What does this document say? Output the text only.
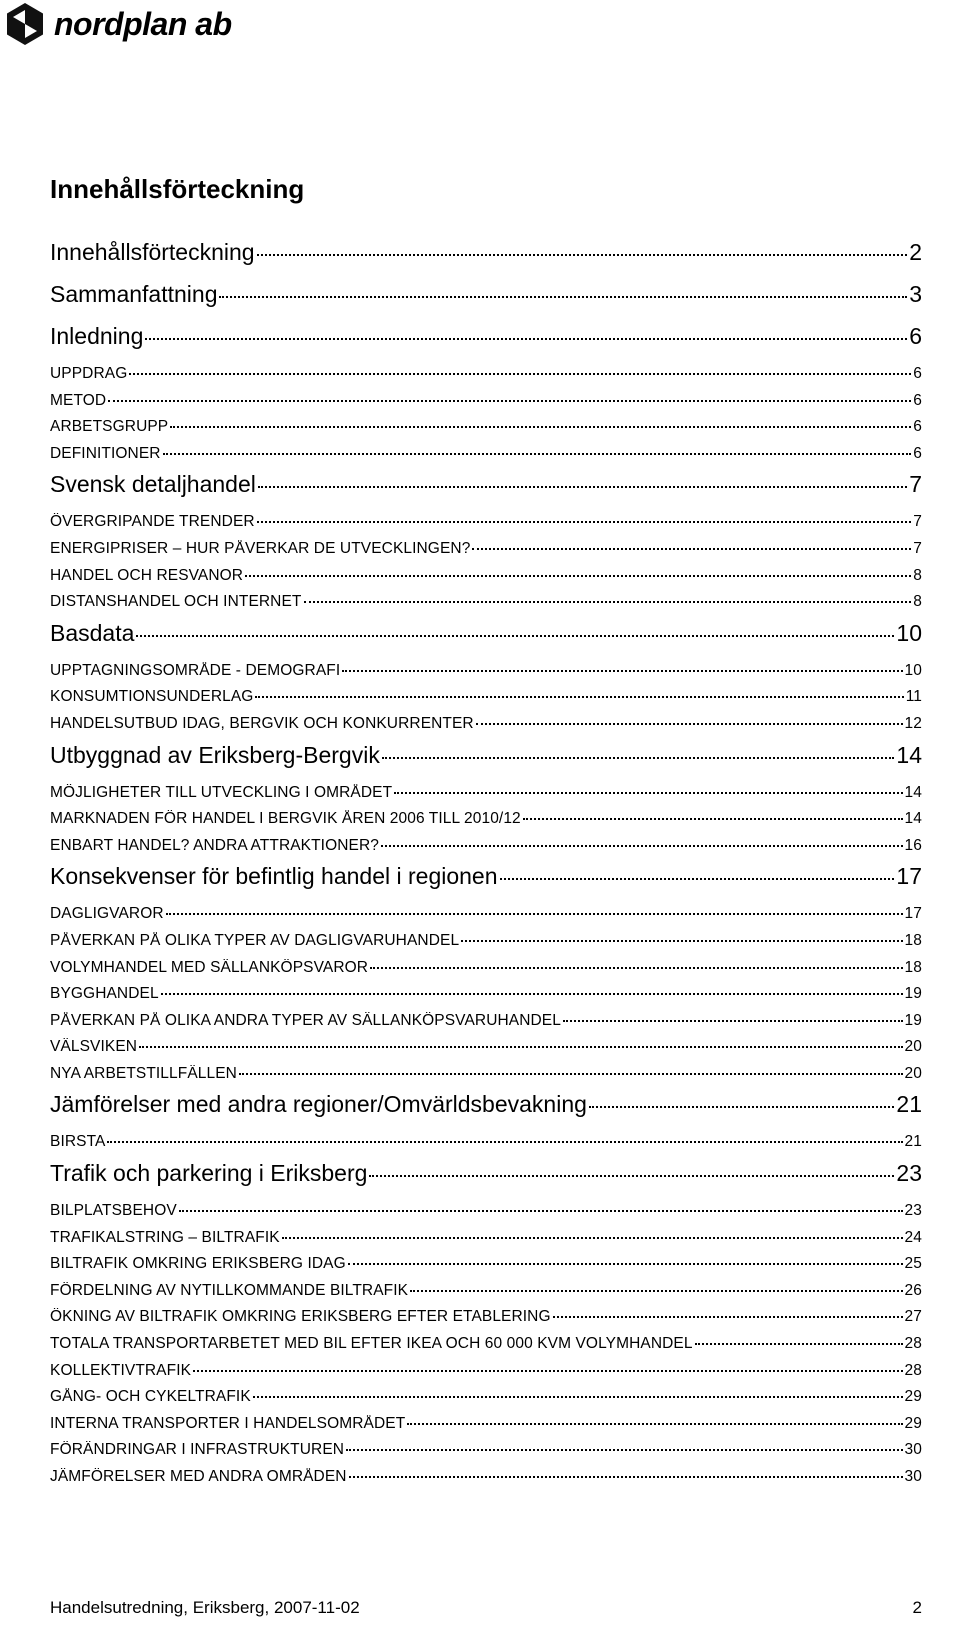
nordplan ab
Innehållsförteckning
Innehållsförteckning	2
Sammanfattning	3
Inledning	6
UPPDRAG	6
METOD	6
ARBETSGRUPP	6
DEFINITIONER	6
Svensk detaljhandel	7
ÖVERGRIPANDE TRENDER	7
ENERGIPRISER – HUR PÅVERKAR DE UTVECKLINGEN?	7
HANDEL OCH RESVANOR	8
DISTANSHANDEL OCH INTERNET	8
Basdata	10
UPPTAGNINGSOMRÅDE - DEMOGRAFI	10
KONSUMTIONSUNDERLAG	11
HANDELSUTBUD IDAG, BERGVIK OCH KONKURRENTER	12
Utbyggnad av Eriksberg-Bergvik	14
MÖJLIGHETER TILL UTVECKLING I OMRÅDET	14
MARKNADEN FÖR HANDEL I BERGVIK ÅREN 2006 TILL 2010/12	14
ENBART HANDEL? ANDRA ATTRAKTIONER?	16
Konsekvenser för befintlig handel i regionen	17
DAGLIGVAROR	17
PÅVERKAN PÅ OLIKA TYPER AV DAGLIGVARUHANDEL	18
VOLYMHANDEL MED SÄLLANKÖPSVAROR	18
BYGGHANDEL	19
PÅVERKAN PÅ OLIKA ANDRA TYPER AV SÄLLANKÖPSVARUHANDEL	19
VÄLSVIKEN	20
NYA ARBETSTILLFÄLLEN	20
Jämförelser med andra regioner/Omvärldsbevakning	21
BIRSTA	21
Trafik och parkering i Eriksberg	23
BILPLATSBEHOV	23
TRAFIKALSTRING – BILTRAFIK	24
BILTRAFIK OMKRING ERIKSBERG IDAG	25
FÖRDELNING AV NYTILLKOMMANDE BILTRAFIK	26
ÖKNING AV BILTRAFIK OMKRING ERIKSBERG EFTER ETABLERING	27
TOTALA TRANSPORTARBETET MED BIL EFTER IKEA OCH 60 000 KVM VOLYMHANDEL	28
KOLLEKTIVTRAFIK	28
GÅNG- OCH CYKELTRAFIK	29
INTERNA TRANSPORTER I HANDELSOMRÅDET	29
FÖRÄNDRINGAR I INFRASTRUKTUREN	30
JÄMFÖRELSER MED ANDRA OMRÅDEN	30
Handelsutredning, Eriksberg, 2007-11-02	2
